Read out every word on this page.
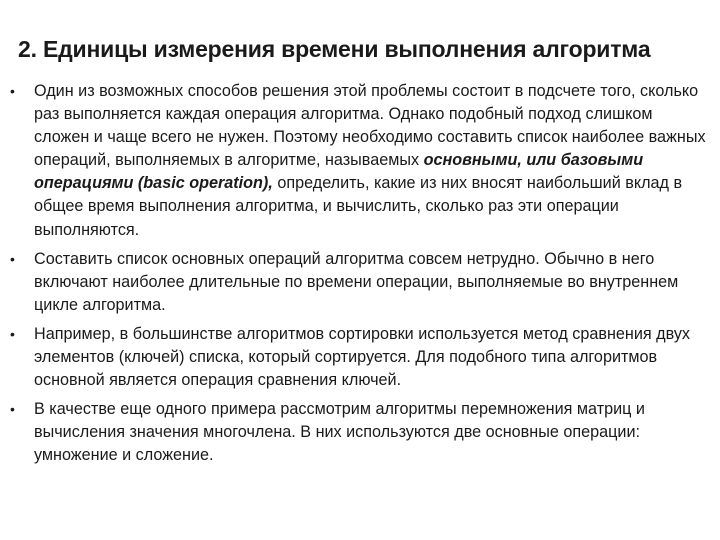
2. Единицы измерения времени выполнения алгоритма
• Один из возможных способов решения этой проблемы состоит в подсчете того, сколько раз выполняется каждая операция алгоритма. Однако подобный подход слишком сложен и чаще всего не нужен. Поэтому необходимо составить список наиболее важных операций, выполняемых в алгоритме, называемых основными, или базовыми операциями (basic operation), определить, какие из них вносят наибольший вклад в общее время выполнения алгоритма, и вычислить, сколько раз эти операции выполняются.
• Составить список основных операций алгоритма совсем нетрудно. Обычно в него включают наиболее длительные по времени операции, выполняемые во внутреннем цикле алгоритма.
• Например, в большинстве алгоритмов сортировки используется метод сравнения двух элементов (ключей) списка, который сортируется. Для подобного типа алгоритмов основной является операция сравнения ключей.
• В качестве еще одного примера рассмотрим алгоритмы перемножения матриц и вычисления значения многочлена. В них используются две основные операции: умножение и сложение.
